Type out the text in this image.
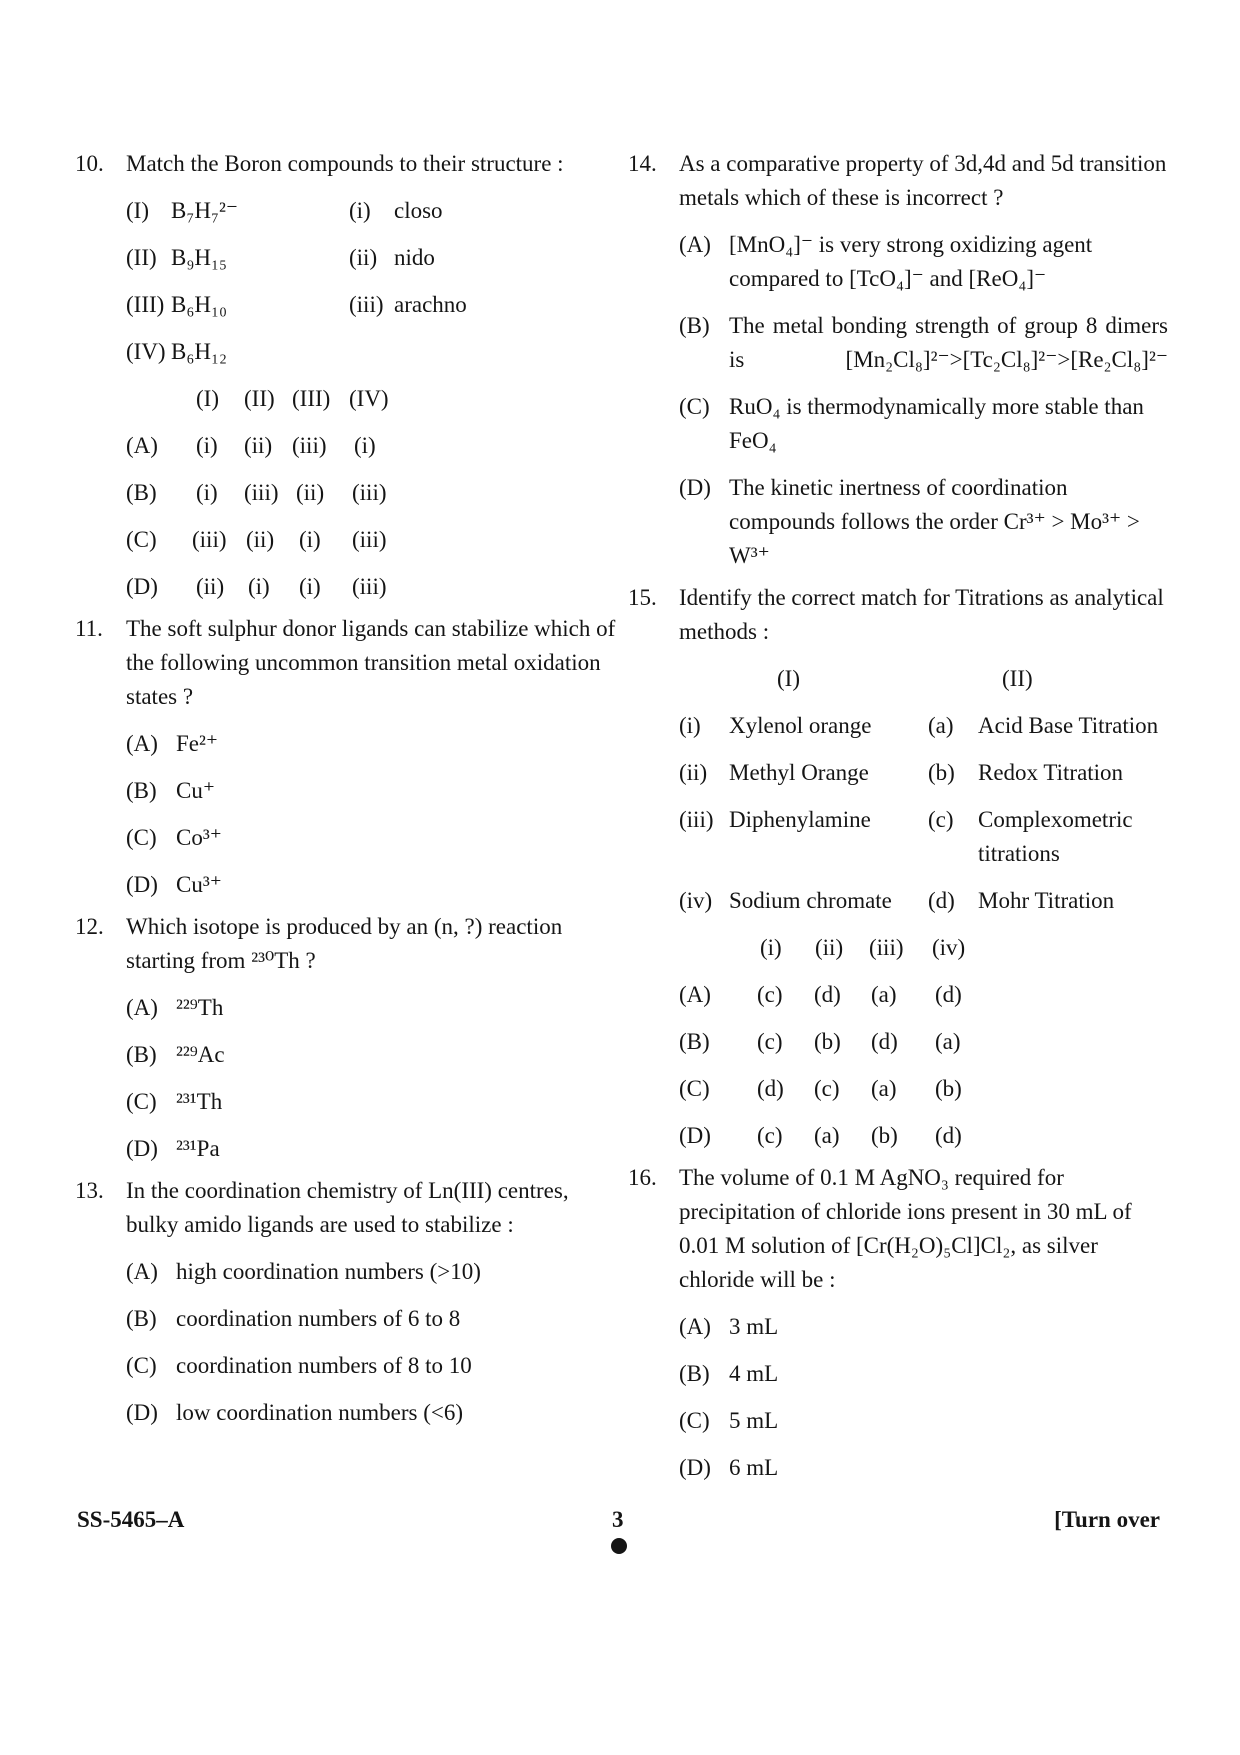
10. Match the Boron compounds to their structure :
(I) B₇H₇²⁻	(i) closo
(II) B₉H₁₅	(ii) nido
(III) B₆H₁₀	(iii) arachno
(IV) B₆H₁₂
(I) (II) (III) (IV)
(A) (i) (ii) (iii) (i)
(B) (i) (iii) (ii) (iii)
(C) (iii) (ii) (i) (iii)
(D) (ii) (i) (i) (iii)
11.	The soft sulphur donor ligands can stabilize which of the following uncommon transition metal oxidation states ?
(A) Fe²⁺
(B) Cu⁺
(C) Co³⁺
(D) Cu³⁺
12. Which isotope is produced by an (n, ?) reaction starting from ²³⁰Th ?
(A) ²²⁹Th
(B) ²²⁹Ac
(C) ²³¹Th
(D) ²³¹Pa
13. In the coordination chemistry of Ln(III) centres, bulky amido ligands are used to stabilize :
(A) high coordination numbers (>10)
(B) coordination numbers of 6 to 8
(C) coordination numbers of 8 to 10
(D) low coordination numbers (<6)
14. As a comparative property of 3d,4d and 5d transition metals which of these is incorrect ?
(A) [MnO₄]⁻ is very strong oxidizing agent compared to [TcO₄]⁻ and [ReO₄]⁻
(B) The metal bonding strength of group 8 dimers is [Mn₂Cl₈]²⁻>[Tc₂Cl₈]²⁻>[Re₂Cl₈]²⁻
(C) RuO₄ is thermodynamically more stable than FeO₄
(D) The kinetic inertness of coordination compounds follows the order Cr³⁺ > Mo³⁺ > W³⁺
15. Identify the correct match for Titrations as analytical methods :
(I)	(II)
(i) Xylenol orange (a) Acid Base Titration
(ii) Methyl Orange	(b) Redox Titration
(iii) Diphenylamine (c) Complexometric titrations
(iv) Sodium chromate (d) Mohr Titration
(i) (ii) (iii) (iv)
(A) (c) (d) (a) (d)
(B) (c) (b) (d) (a)
(C) (d) (c) (a) (b)
(D) (c) (a) (b) (d)
16. The volume of 0.1 M AgNO₃ required for precipitation of chloride ions present in 30 mL of 0.01 M solution of [Cr(H₂O)₅Cl]Cl₂, as silver chloride will be :
(A) 3 mL
(B) 4 mL
(C) 5 mL
(D) 6 mL
SS-5465–A	3	[Turn over
